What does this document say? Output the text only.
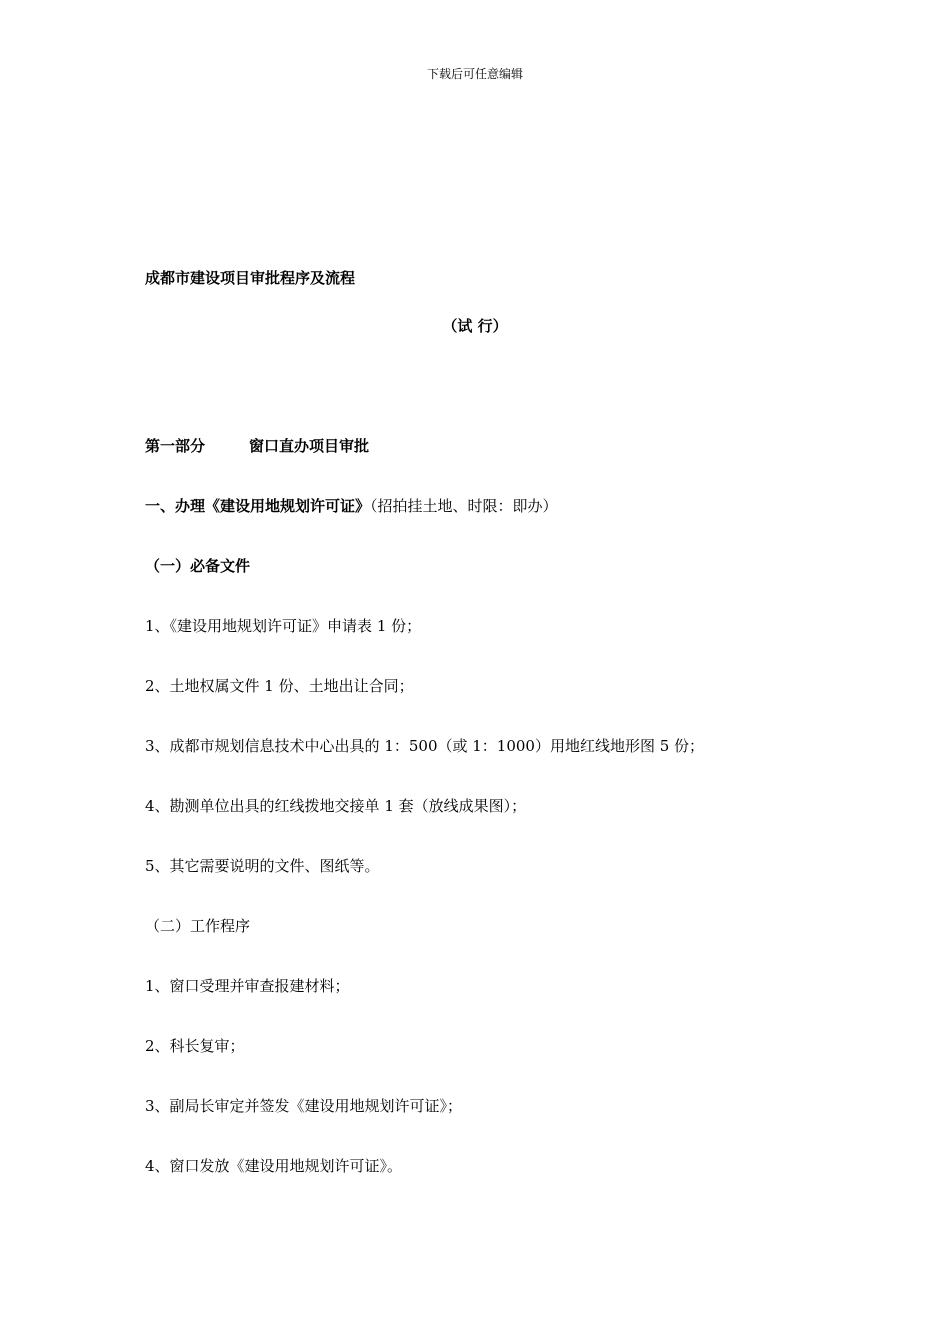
下载后可任意编辑
成都市建设项目审批程序及流程
（试 行）
第一部分	窗口直办项目审批
一、办理《建设用地规划许可证》（招拍挂土地、时限：即办）
（一）必备文件
1、《建设用地规划许可证》申请表 1 份；
2、土地权属文件 1 份、土地出让合同；
3、成都市规划信息技术中心出具的 1：500（或 1：1000）用地红线地形图 5 份；
4、勘测单位出具的红线拨地交接单 1 套（放线成果图）；
5、其它需要说明的文件、图纸等。
（二）工作程序
1、窗口受理并审查报建材料；
2、科长复审；
3、副局长审定并签发《建设用地规划许可证》；
4、窗口发放《建设用地规划许可证》。
